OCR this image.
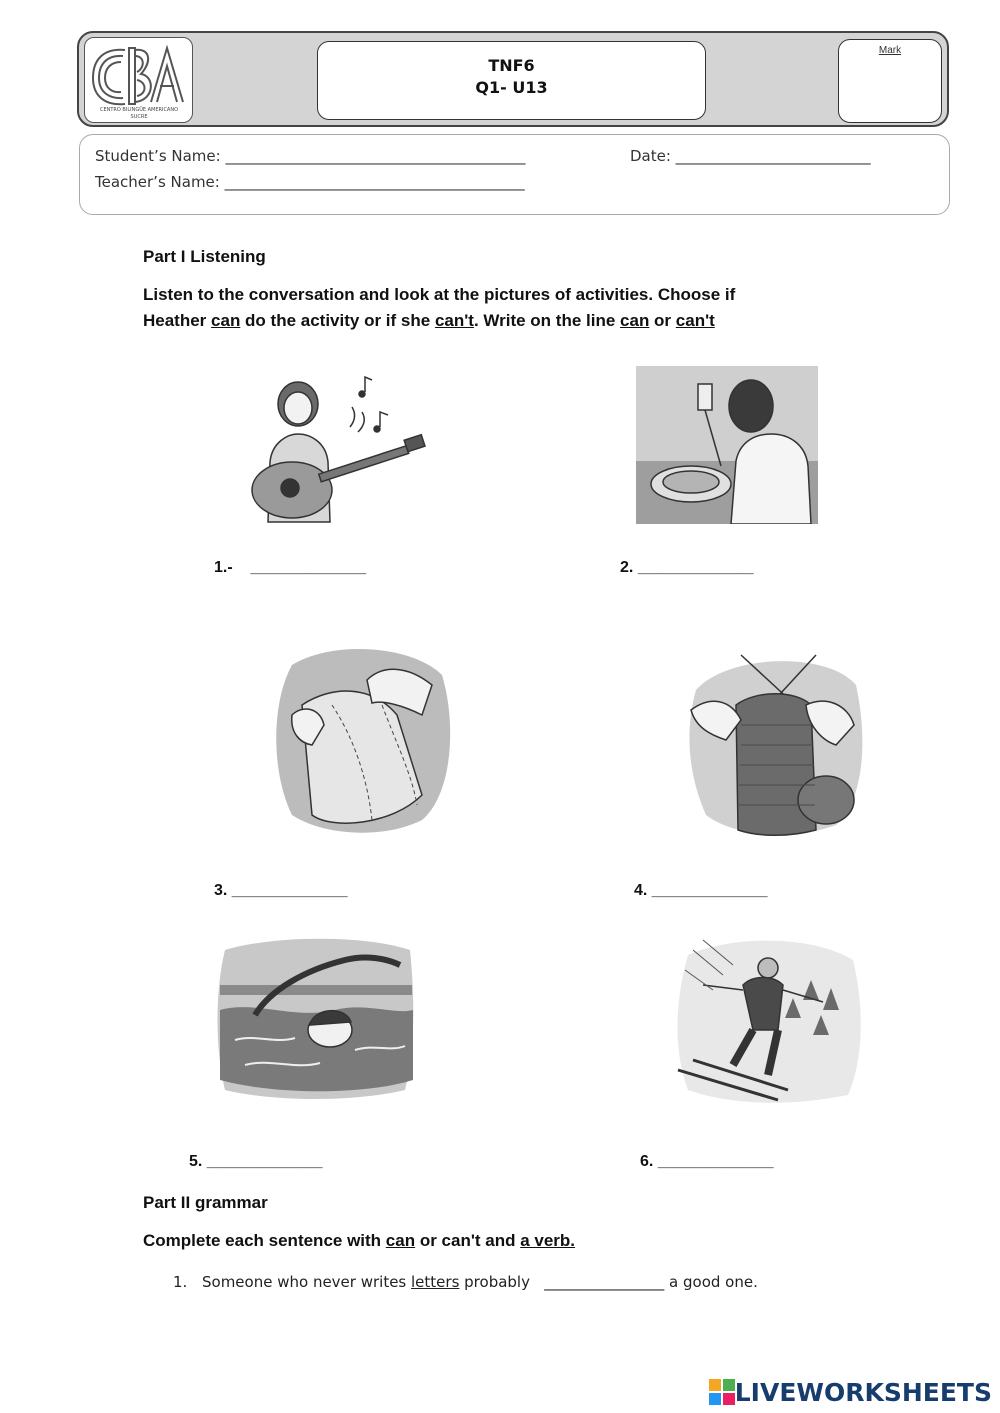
CENTRO BILINGÜE AMERICANO
SUCRE
TNF6
Q1- U13
Mark
Student’s Name: ________________________________________	Date: __________________________
Teacher’s Name: ________________________________________
Part I Listening
Listen to the conversation and look at the pictures of activities. Choose if
Heather can do the activity or if she can't. Write on the line can or can't
1.-    _____________	2. _____________
3. _____________	4. _____________
5. _____________	6. _____________
Part II grammar
Complete each sentence with can or can't and a verb.
1. Someone who never writes letters probably   ________________ a good one.
LIVEWORKSHEETS
